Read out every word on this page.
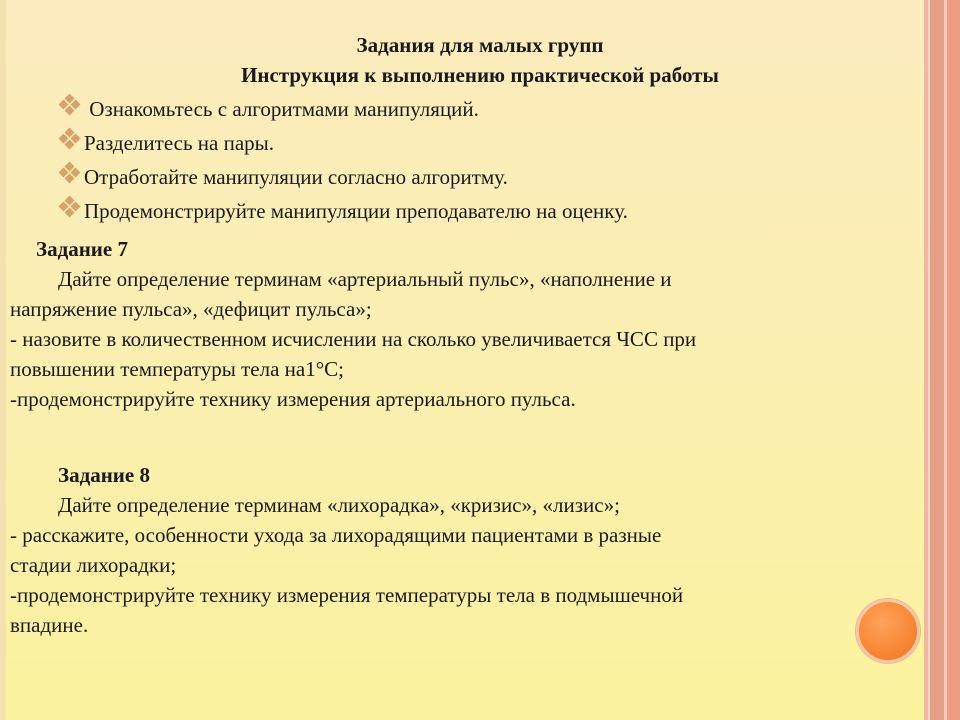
Задания для малых групп
Инструкция к выполнению практической работы
Ознакомьтесь с алгоритмами манипуляций.
Разделитесь на пары.
Отработайте манипуляции согласно алгоритму.
Продемонстрируйте манипуляции преподавателю на оценку.
Задание 7

Дайте определение терминам «артериальный пульс», «наполнение и

напряжение пульса», «дефицит пульса»;

- назовите в количественном исчислении на сколько увеличивается ЧСС при

повышении температуры тела на1°С;

-продемонстрируйте технику измерения артериального пульса.

Задание 8

Дайте определение терминам «лихорадка», «кризис», «лизис»;

- расскажите, особенности ухода за лихорадящими пациентами в разные

стадии лихорадки;

-продемонстрируйте технику измерения температуры тела в подмышечной

впадине.
